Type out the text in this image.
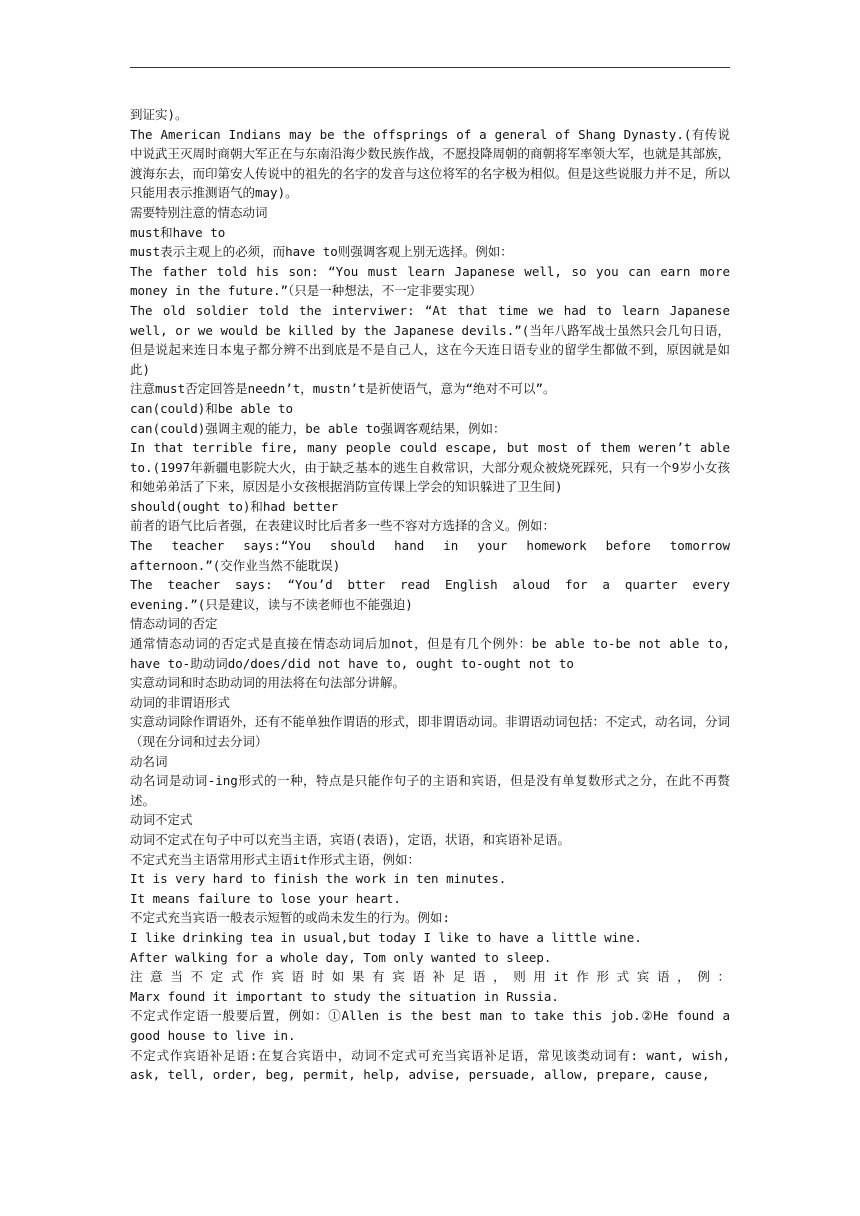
到证实)。

The American Indians may be the offsprings of a general of Shang Dynasty.(有传说中说武王灭周时商朝大军正在与东南沿海少数民族作战，不愿投降周朝的商朝将军率领大军，也就是其部族，渡海东去，而印第安人传说中的祖先的名字的发音与这位将军的名字极为相似。但是这些说服力并不足，所以只能用表示推测语气的may)。

需要特别注意的情态动词

must和have to

must表示主观上的必须，而have to则强调客观上别无选择。例如：

The father told his son: “You must learn Japanese well, so you can earn more money in the future.”（只是一种想法，不一定非要实现）

The old soldier told the interviwer: “At that time we had to learn Japanese well, or we would be killed by the Japanese devils.”(当年八路军战士虽然只会几句日语，但是说起来连日本鬼子都分辨不出到底是不是自己人，这在今天连日语专业的留学生都做不到，原因就是如此)

注意must否定回答是needn’t，mustn’t是祈使语气，意为“绝对不可以”。

can(could)和be able to

can(could)强调主观的能力，be able to强调客观结果，例如：

In that terrible fire, many people could escape, but most of them weren’t able to.(1997年新疆电影院大火，由于缺乏基本的逃生自救常识，大部分观众被烧死踩死，只有一个9岁小女孩和她弟弟活了下来，原因是小女孩根据消防宣传课上学会的知识躲进了卫生间)

should(ought to)和had better

前者的语气比后者强，在表建议时比后者多一些不容对方选择的含义。例如：

The teacher says:“You should hand in your homework before tomorrow afternoon.”(交作业当然不能耽误)

The teacher says: “You’d btter read English aloud for a quarter every evening.”(只是建议，读与不读老师也不能强迫)

情态动词的否定

通常情态动词的否定式是直接在情态动词后加not，但是有几个例外：be able to-be not able to, have to-助动词do/does/did not have to, ought to-ought not to

实意动词和时态助动词的用法将在句法部分讲解。

动词的非谓语形式

实意动词除作谓语外，还有不能单独作谓语的形式，即非谓语动词。非谓语动词包括：不定式，动名词，分词（现在分词和过去分词）

动名词

动名词是动词-ing形式的一种，特点是只能作句子的主语和宾语，但是没有单复数形式之分，在此不再赘述。

动词不定式

动词不定式在句子中可以充当主语，宾语(表语)，定语，状语，和宾语补足语。

不定式充当主语常用形式主语it作形式主语，例如：

It is very hard to finish the work in ten minutes.

It means failure to lose your heart.

不定式充当宾语一般表示短暂的或尚未发生的行为。例如:

I like drinking tea in usual,but today I like to have a little wine.

After walking for a whole day, Tom only wanted to sleep.

注意当不定式作宾语时如果有宾语补足语，则用it作形式宾语，例：

Marx found it important to study the situation in Russia.

不定式作定语一般要后置，例如：①Allen is the best man to take this job.②He found a good house to live in.

不定式作宾语补足语:在复合宾语中，动词不定式可充当宾语补足语，常见该类动词有: want, wish, ask, tell, order, beg, permit, help, advise, persuade, allow, prepare, cause,
